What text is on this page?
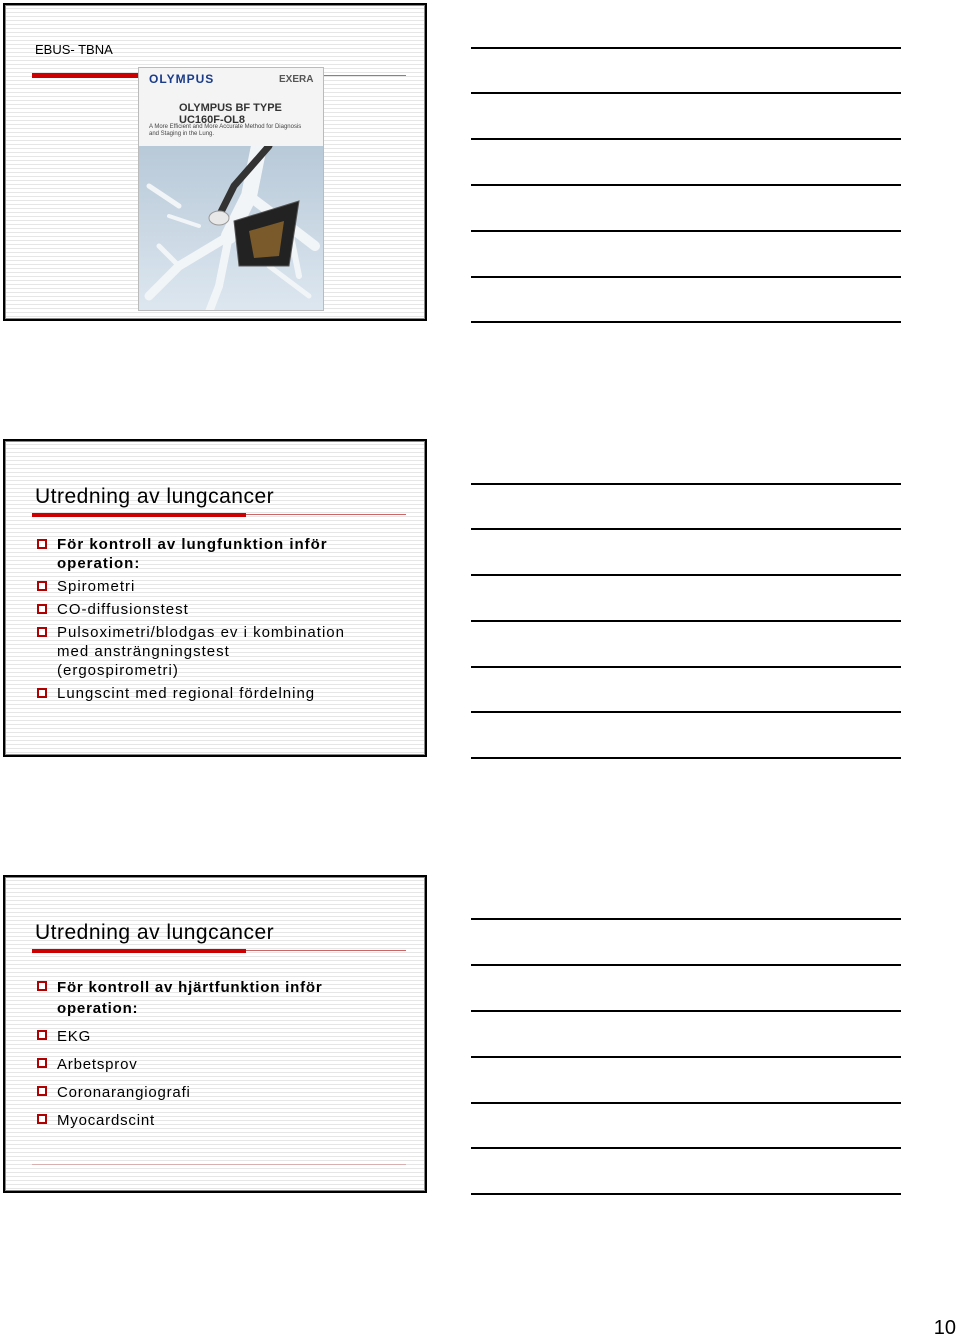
EBUS- TBNA
OLYMPUS	EXERA
OLYMPUS BF TYPE UC160F-OL8
A More Efficient and More Accurate Method for Diagnosis and Staging in the Lung.
Utredning av lungcancer
För kontroll av lungfunktion inför
operation:
Spirometri
CO-diffusionstest
Pulsoximetri/blodgas ev i kombination
med ansträngningstest
(ergospirometri)
Lungscint med regional fördelning
Utredning av lungcancer
För kontroll av hjärtfunktion inför
operation:
EKG
Arbetsprov
Coronarangiografi
Myocardscint
10
